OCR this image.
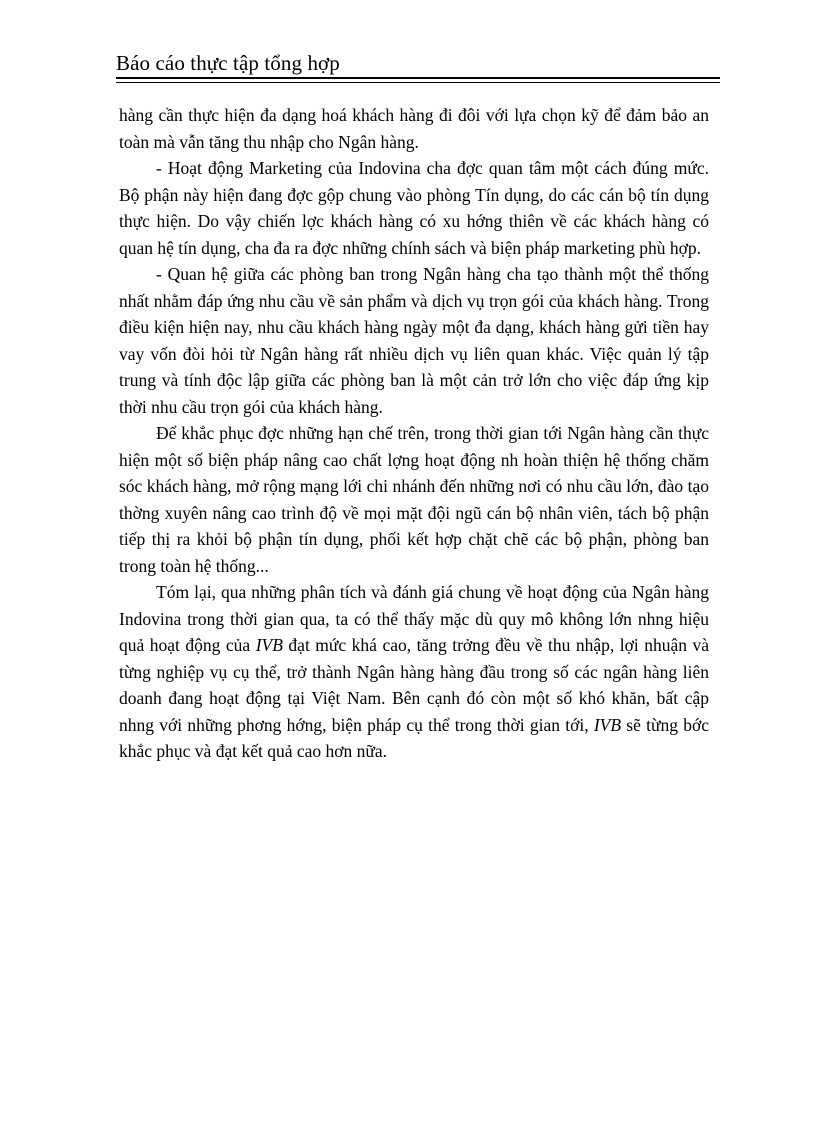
Báo cáo thực tập tổng hợp

hàng cần thực hiện đa dạng hoá khách hàng đi đôi với lựa chọn kỹ để đảm bảo an toàn mà vẫn tăng thu nhập cho Ngân hàng.

- Hoạt động Marketing của Indovina cha đợc quan tâm một cách đúng mức. Bộ phận này hiện đang đợc gộp chung vào phòng Tín dụng, do các cán bộ tín dụng thực hiện. Do vậy chiến lợc khách hàng có xu hớng thiên về các khách hàng có quan hệ tín dụng, cha đa ra đợc những chính sách và biện pháp marketing phù hợp.

- Quan hệ giữa các phòng ban trong Ngân hàng cha tạo thành một thể thống nhất nhằm đáp ứng nhu cầu về sản phẩm và dịch vụ trọn gói của khách hàng. Trong điều kiện hiện nay, nhu cầu khách hàng ngày một đa dạng, khách hàng gửi tiền hay vay vốn đòi hỏi từ Ngân hàng rất nhiều dịch vụ liên quan khác. Việc quản lý tập trung và tính độc lập giữa các phòng ban là một cản trở lớn cho việc đáp ứng kịp thời nhu cầu trọn gói của khách hàng.

Để khắc phục đợc những hạn chế trên, trong thời gian tới Ngân hàng cần thực hiện một số biện pháp nâng cao chất lợng hoạt động nh hoàn thiện hệ thống chăm sóc khách hàng, mở rộng mạng lới chi nhánh đến những nơi có nhu cầu lớn, đào tạo thờng xuyên nâng cao trình độ về mọi mặt đội ngũ cán bộ nhân viên, tách bộ phận tiếp thị ra khỏi bộ phận tín dụng, phối kết hợp chặt chẽ các bộ phận, phòng ban trong toàn hệ thống...

Tóm lại, qua những phân tích và đánh giá chung về hoạt động của Ngân hàng Indovina trong thời gian qua, ta có thể thấy mặc dù quy mô không lớn nhng hiệu quả hoạt động của IVB đạt mức khá cao, tăng trởng đều về thu nhập, lợi nhuận và từng nghiệp vụ cụ thể, trở thành Ngân hàng hàng đầu trong số các ngân hàng liên doanh đang hoạt động tại Việt Nam. Bên cạnh đó còn một số khó khăn, bất cập nhng với những phơng hớng, biện pháp cụ thể trong thời gian tới, IVB sẽ từng bớc khắc phục và đạt kết quả cao hơn nữa.
